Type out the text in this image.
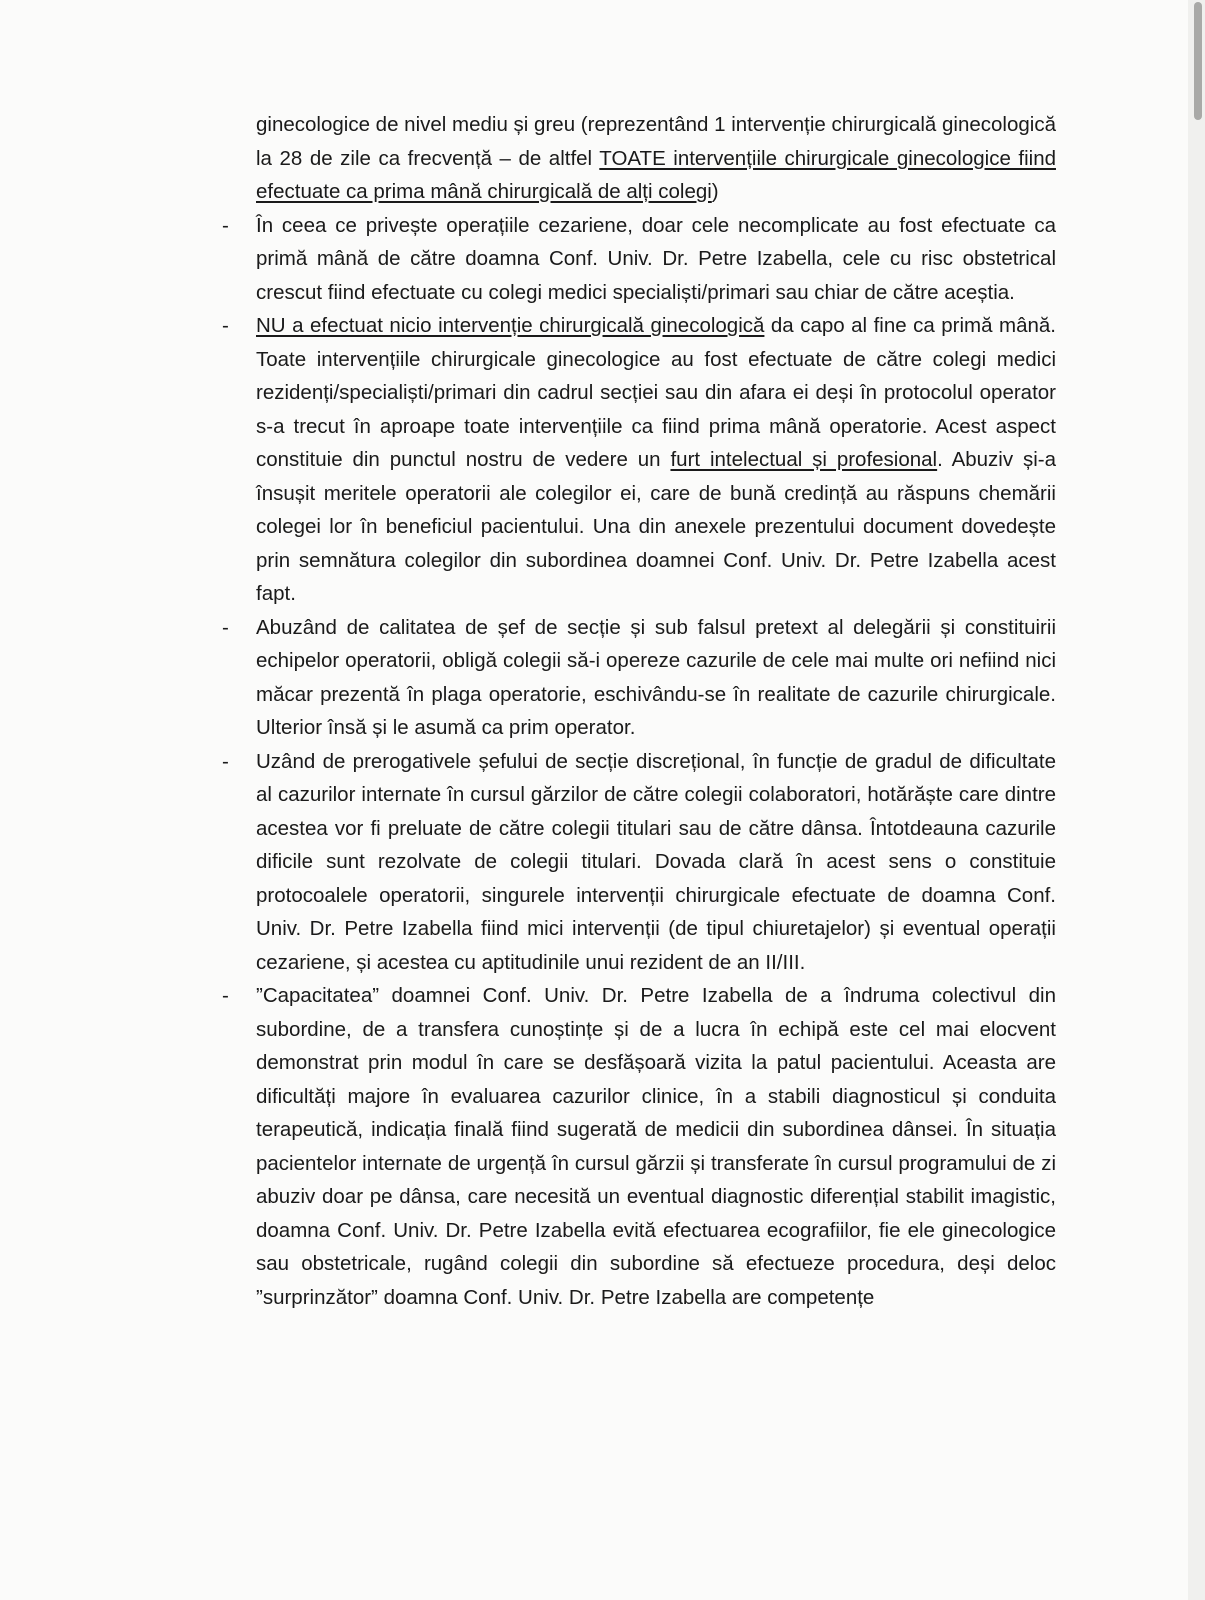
ginecologice de nivel mediu și greu (reprezentând 1 intervenție chirurgicală ginecologică la 28 de zile ca frecvență – de altfel TOATE intervențiile chirurgicale ginecologice fiind efectuate ca prima mână chirurgicală de alți colegi)

-	În ceea ce privește operațiile cezariene, doar cele necomplicate au fost efectuate ca primă mână de către doamna Conf. Univ. Dr. Petre Izabella, cele cu risc obstetrical crescut fiind efectuate cu colegi medici specialiști/primari sau chiar de către aceștia.

-	NU a efectuat nicio intervenție chirurgicală ginecologică da capo al fine ca primă mână. Toate intervențiile chirurgicale ginecologice au fost efectuate de către colegi medici rezidenți/specialiști/primari din cadrul secției sau din afara ei deși în protocolul operator s-a trecut în aproape toate intervențiile ca fiind prima mână operatorie. Acest aspect constituie din punctul nostru de vedere un furt intelectual și profesional. Abuziv și-a însușit meritele operatorii ale colegilor ei, care de bună credință au răspuns chemării colegei lor în beneficiul pacientului. Una din anexele prezentului document dovedește prin semnătura colegilor din subordinea doamnei Conf. Univ. Dr. Petre Izabella acest fapt.

-	Abuzând de calitatea de șef de secție și sub falsul pretext al delegării și constituirii echipelor operatorii, obligă colegii să-i opereze cazurile de cele mai multe ori nefiind nici măcar prezentă în plaga operatorie, eschivându-se în realitate de cazurile chirurgicale. Ulterior însă și le asumă ca prim operator.

-	Uzând de prerogativele șefului de secție discrețional, în funcție de gradul de dificultate al cazurilor internate în cursul gărzilor de către colegii colaboratori, hotărăște care dintre acestea vor fi preluate de către colegii titulari sau de către dânsa. Întotdeauna cazurile dificile sunt rezolvate de colegii titulari. Dovada clară în acest sens o constituie protocoalele operatorii, singurele intervenții chirurgicale efectuate de doamna Conf. Univ. Dr. Petre Izabella fiind mici intervenții (de tipul chiuretajelor) și eventual operații cezariene, și acestea cu aptitudinile unui rezident de an II/III.

-	”Capacitatea” doamnei Conf. Univ. Dr. Petre Izabella de a îndruma colectivul din subordine, de a transfera cunoștințe și de a lucra în echipă este cel mai elocvent demonstrat prin modul în care se desfășoară vizita la patul pacientului. Aceasta are dificultăți majore în evaluarea cazurilor clinice, în a stabili diagnosticul și conduita terapeutică, indicația finală fiind sugerată de medicii din subordinea dânsei. În situația pacientelor internate de urgență în cursul gărzii și transferate în cursul programului de zi abuziv doar pe dânsa, care necesită un eventual diagnostic diferențial stabilit imagistic, doamna Conf. Univ. Dr. Petre Izabella evită efectuarea ecografiilor, fie ele ginecologice sau obstetricale, rugând colegii din subordine să efectueze procedura, deși deloc ”surprinzător” doamna Conf. Univ. Dr. Petre Izabella are competențe
